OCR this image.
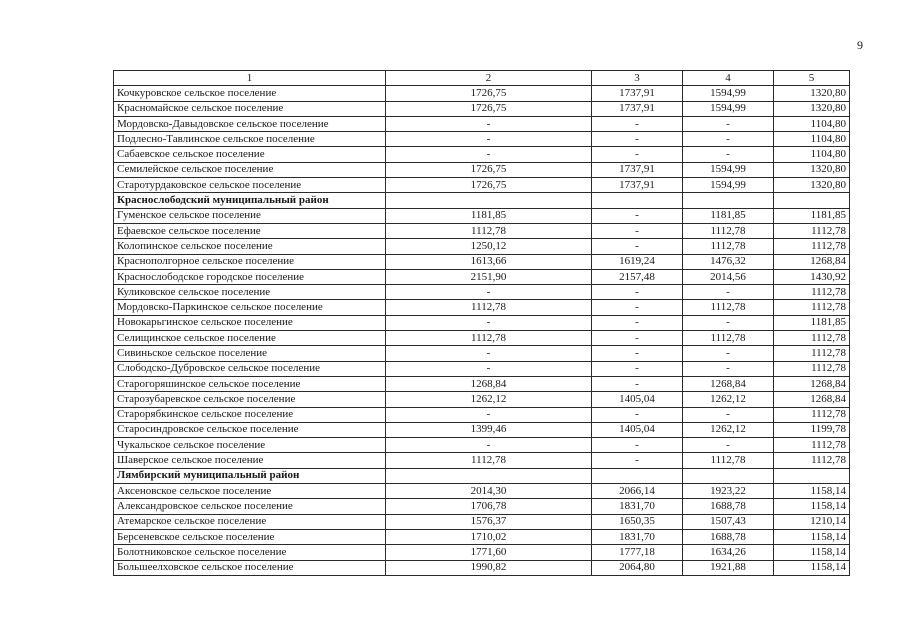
9
1	2	3	4	5
Кочкуровское сельское поселение	1726,75	1737,91	1594,99	1320,80
Красномайское сельское поселение	1726,75	1737,91	1594,99	1320,80
Мордовско-Давыдовское сельское поселение	-	-	-	1104,80
Подлесно-Тавлинское сельское поселение	-	-	-	1104,80
Сабаевское сельское поселение	-	-	-	1104,80
Семилейское сельское поселение	1726,75	1737,91	1594,99	1320,80
Старотурдаковское сельское поселение	1726,75	1737,91	1594,99	1320,80
Краснослободский муниципальный район				
Гуменское сельское поселение	1181,85	-	1181,85	1181,85
Ефаевское сельское поселение	1112,78	-	1112,78	1112,78
Колопинское сельское поселение	1250,12	-	1112,78	1112,78
Краснополгорное сельское поселение	1613,66	1619,24	1476,32	1268,84
Краснослободское городское поселение	2151,90	2157,48	2014,56	1430,92
Куликовское сельское поселение	-	-	-	1112,78
Мордовско-Паркинское сельское поселение	1112,78	-	1112,78	1112,78
Новокарьгинское сельское поселение	-	-	-	1181,85
Селищинское сельское поселение	1112,78	-	1112,78	1112,78
Сивиньское сельское поселение	-	-	-	1112,78
Слободско-Дубровское сельское поселение	-	-	-	1112,78
Старогоряшинское сельское поселение	1268,84	-	1268,84	1268,84
Старозубаревское сельское поселение	1262,12	1405,04	1262,12	1268,84
Старорябкинское сельское поселение	-	-	-	1112,78
Старосиндровское сельское поселение	1399,46	1405,04	1262,12	1199,78
Чукальское сельское поселение	-	-	-	1112,78
Шаверское сельское поселение	1112,78	-	1112,78	1112,78
Лямбирский муниципальный район				
Аксеновское сельское поселение	2014,30	2066,14	1923,22	1158,14
Александровское сельское поселение	1706,78	1831,70	1688,78	1158,14
Атемарское сельское поселение	1576,37	1650,35	1507,43	1210,14
Берсеневское сельское поселение	1710,02	1831,70	1688,78	1158,14
Болотниковское сельское поселение	1771,60	1777,18	1634,26	1158,14
Большеелховское сельское поселение	1990,82	2064,80	1921,88	1158,14
